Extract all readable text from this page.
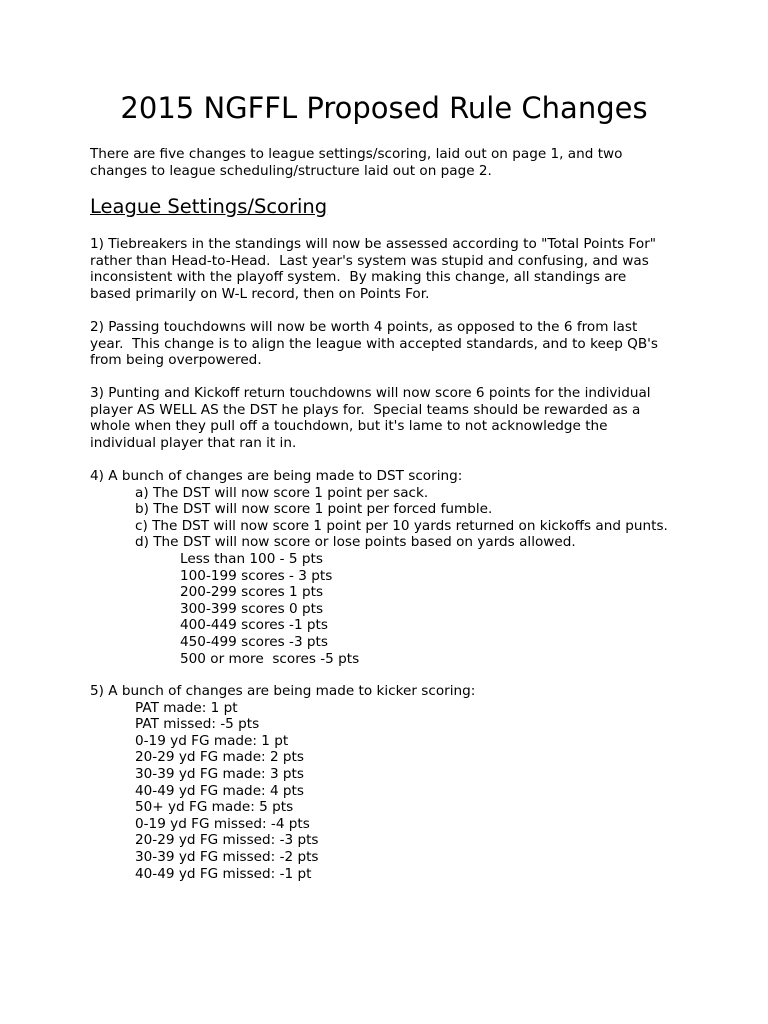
2015 NGFFL Proposed Rule Changes
There are five changes to league settings/scoring, laid out on page 1, and two
changes to league scheduling/structure laid out on page 2.
League Settings/Scoring
1) Tiebreakers in the standings will now be assessed according to "Total Points For"
rather than Head-to-Head.  Last year's system was stupid and confusing, and was
inconsistent with the playoff system.  By making this change, all standings are
based primarily on W-L record, then on Points For.
2) Passing touchdowns will now be worth 4 points, as opposed to the 6 from last
year.  This change is to align the league with accepted standards, and to keep QB's
from being overpowered.
3) Punting and Kickoff return touchdowns will now score 6 points for the individual
player AS WELL AS the DST he plays for.  Special teams should be rewarded as a
whole when they pull off a touchdown, but it's lame to not acknowledge the
individual player that ran it in.
4) A bunch of changes are being made to DST scoring:
a) The DST will now score 1 point per sack.
b) The DST will now score 1 point per forced fumble.
c) The DST will now score 1 point per 10 yards returned on kickoffs and punts.
d) The DST will now score or lose points based on yards allowed.
Less than 100 - 5 pts
100-199 scores - 3 pts
200-299 scores 1 pts
300-399 scores 0 pts
400-449 scores -1 pts
450-499 scores -3 pts
500 or more  scores -5 pts
5) A bunch of changes are being made to kicker scoring:
PAT made: 1 pt
PAT missed: -5 pts
0-19 yd FG made: 1 pt
20-29 yd FG made: 2 pts
30-39 yd FG made: 3 pts
40-49 yd FG made: 4 pts
50+ yd FG made: 5 pts
0-19 yd FG missed: -4 pts
20-29 yd FG missed: -3 pts
30-39 yd FG missed: -2 pts
40-49 yd FG missed: -1 pt
